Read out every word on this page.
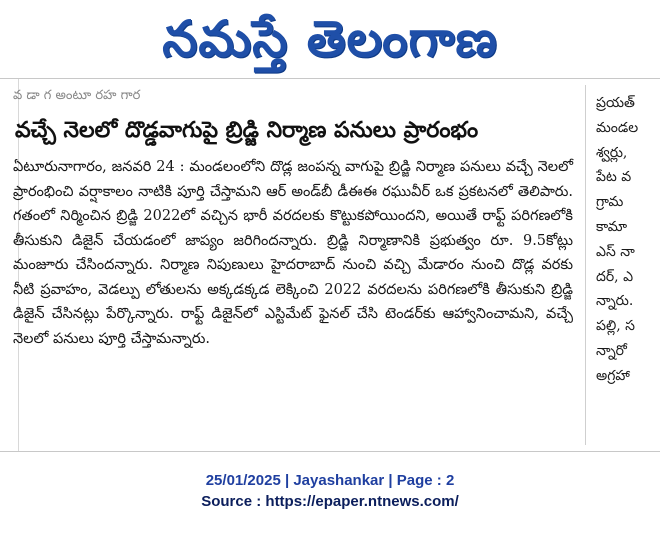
నమస్తే తెలంగాణ
వ డా గ అంటూ రహ గార
వచ్చే నెలలో దొడ్డవాగుపై బ్రిడ్జి నిర్మాణ పనులు ప్రారంభం
ఏటూరునాగారం, జనవరి 24 : మండలంలోని దొడ్ల జంపన్న వాగుపై బ్రిడ్జి నిర్మాణ పనులు వచ్చే నెలలో ప్రారంభించి వర్షాకాలం నాటికి పూర్తి చేస్తామని ఆర్ అండ్‌బీ డీఈఈ రఘువీర్ ఒక ప్రకటనలో తెలిపారు. గతంలో నిర్మించిన బ్రిడ్జి 2022లో వచ్చిన భారీ వరదలకు కొట్టుకపోయిందని, అయితే రాఫ్ట్ పరిగణలోకి తీసుకుని డిజైన్ చేయడంలో జాప్యం జరిగిందన్నారు. బ్రిడ్జి నిర్మాణానికి ప్రభుత్వం రూ. 9.5కోట్లు మంజూరు చేసిందన్నారు. నిర్మాణ నిపుణులు హైదరాబాద్ నుంచి వచ్చి మేడారం నుంచి దొడ్ల వరకు నీటి ప్రవాహం, వెడల్పు లోతులను అక్కడక్కడ లెక్కించి 2022 వరదలను పరిగణలోకి తీసుకుని బ్రిడ్జి డిజైన్ చేసినట్లు పేర్కొన్నారు. రాఫ్ట్ డిజైన్‌లో ఎస్టిమేట్ ఫైనల్ చేసి టెండర్‌కు ఆహ్వానించామని, వచ్చే నెలలో పనులు పూర్తి చేస్తామన్నారు.
ప్రయత్
మండల
శ్వర్లు,
పేట వ
గ్రామ
కామా
ఎస్ నా
దర్, ఎ
న్నారు.
పల్లి, స
న్నారో
అగ్రహా
25/01/2025 | Jayashankar | Page : 2
Source : https://epaper.ntnews.com/
